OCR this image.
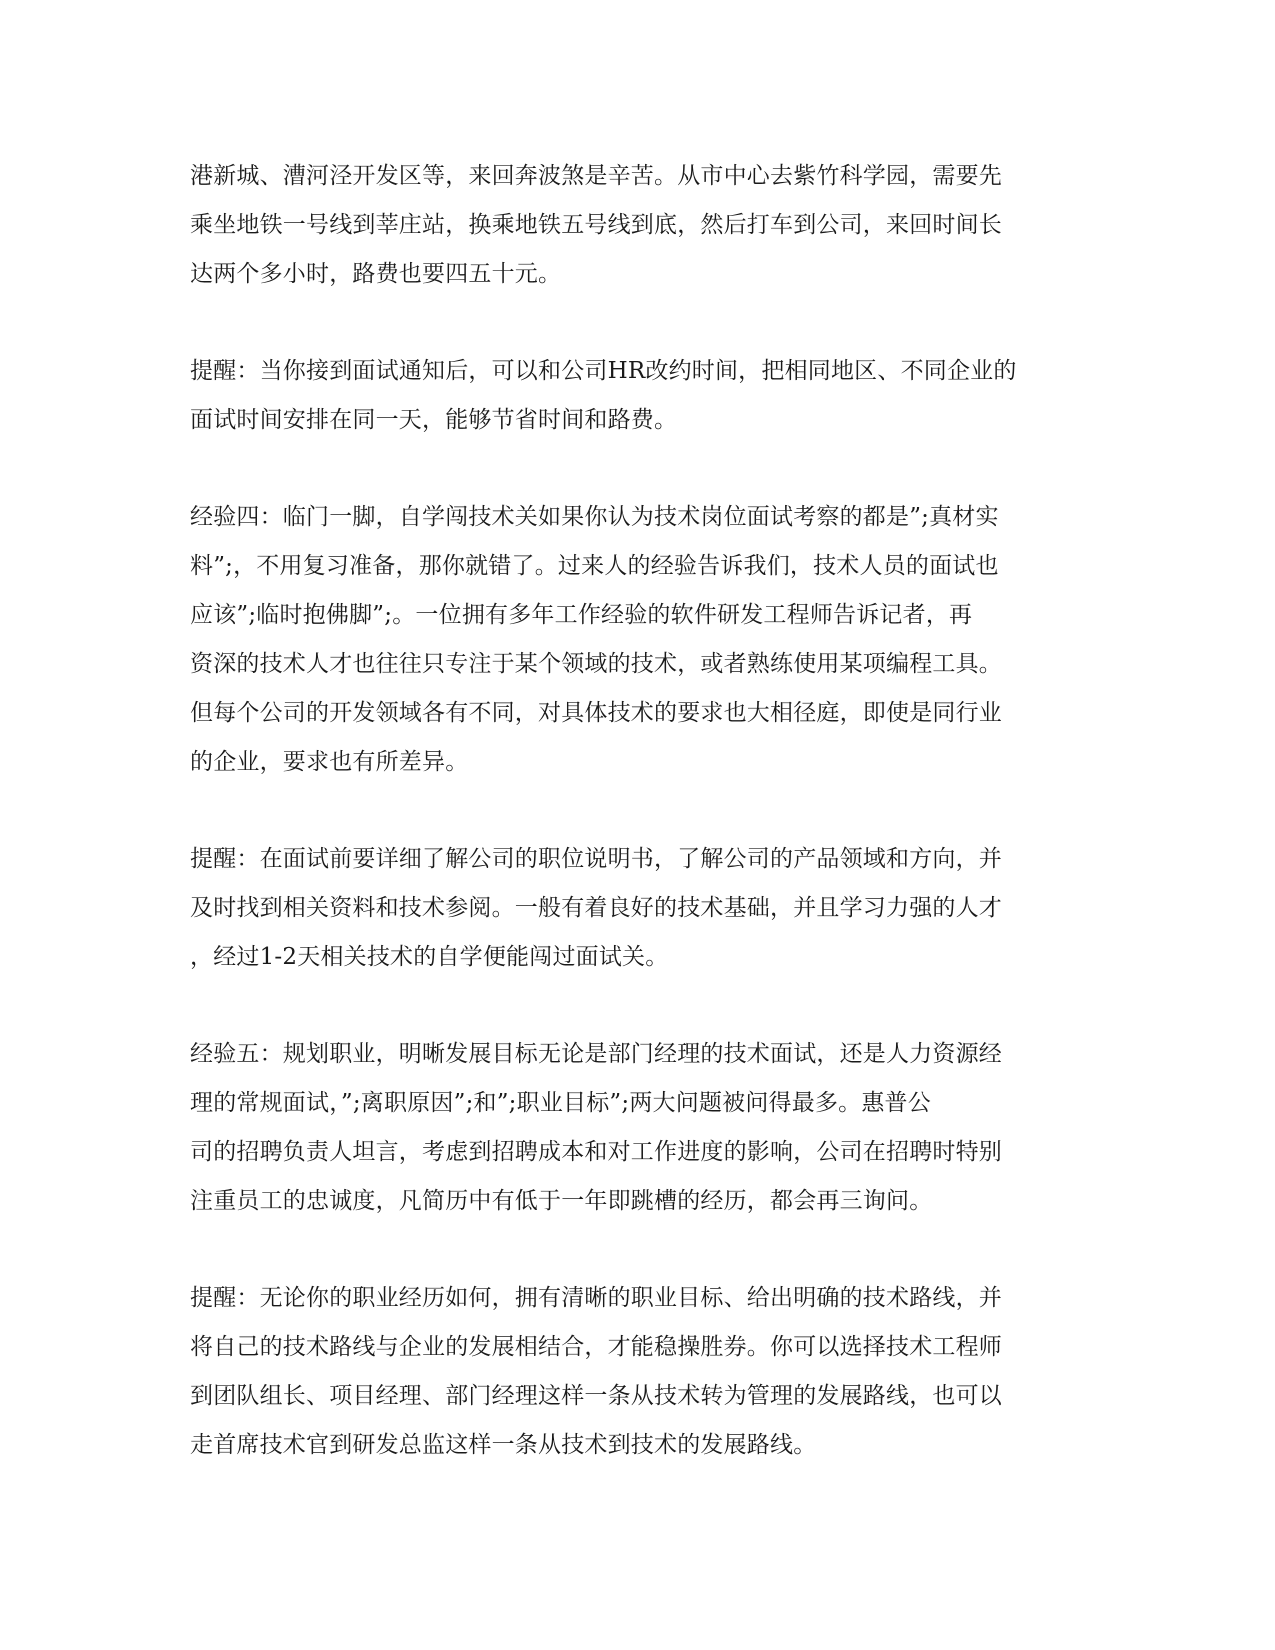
港新城、漕河泾开发区等，来回奔波煞是辛苦。从市中心去紫竹科学园，需要先
乘坐地铁一号线到莘庄站，换乘地铁五号线到底，然后打车到公司，来回时间长
达两个多小时，路费也要四五十元。

提醒：当你接到面试通知后，可以和公司HR改约时间，把相同地区、不同企业的
面试时间安排在同一天，能够节省时间和路费。

经验四：临门一脚，自学闯技术关如果你认为技术岗位面试考察的都是”;真材实
料”;，不用复习准备，那你就错了。过来人的经验告诉我们，技术人员的面试也
应该”;临时抱佛脚”;。一位拥有多年工作经验的软件研发工程师告诉记者，再
资深的技术人才也往往只专注于某个领域的技术，或者熟练使用某项编程工具。
但每个公司的开发领域各有不同，对具体技术的要求也大相径庭，即使是同行业
的企业，要求也有所差异。

提醒：在面试前要详细了解公司的职位说明书，了解公司的产品领域和方向，并
及时找到相关资料和技术参阅。一般有着良好的技术基础，并且学习力强的人才
，经过1-2天相关技术的自学便能闯过面试关。

经验五：规划职业，明晰发展目标无论是部门经理的技术面试，还是人力资源经
理的常规面试，”;离职原因”;和”;职业目标”;两大问题被问得最多。惠普公
司的招聘负责人坦言，考虑到招聘成本和对工作进度的影响，公司在招聘时特别
注重员工的忠诚度，凡简历中有低于一年即跳槽的经历，都会再三询问。

提醒：无论你的职业经历如何，拥有清晰的职业目标、给出明确的技术路线，并
将自己的技术路线与企业的发展相结合，才能稳操胜券。你可以选择技术工程师
到团队组长、项目经理、部门经理这样一条从技术转为管理的发展路线，也可以
走首席技术官到研发总监这样一条从技术到技术的发展路线。
